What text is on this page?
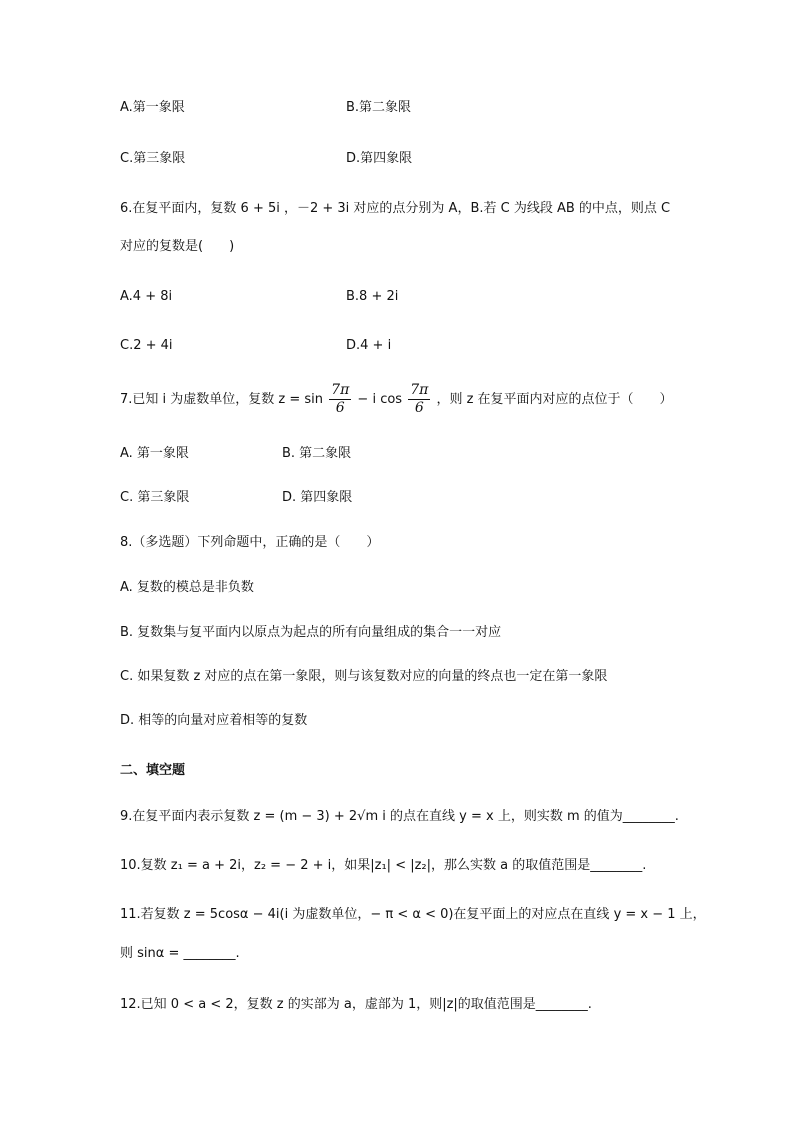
A.第一象限	B.第二象限
C.第三象限	D.第四象限
6.在复平面内，复数 6 + 5i ，－2 + 3i 对应的点分别为 A，B.若 C 为线段 AB 的中点，则点 C
对应的复数是(　　)
A.4 + 8i	B.8 + 2i
C.2 + 4i	D.4 + i
7.已知 i 为虚数单位，复数 $z = \sin \frac{7\pi}{6} - i$ $\cos \frac{7\pi}{6}$ ，则 z 在复平面内对应的点位于（　　）
A. 第一象限	B. 第二象限
C. 第三象限	D. 第四象限
8.（多选题）下列命题中，正确的是（　　）
A. 复数的模总是非负数
B. 复数集与复平面内以原点为起点的所有向量组成的集合一一对应
C. 如果复数 z 对应的点在第一象限，则与该复数对应的向量的终点也一定在第一象限
D. 相等的向量对应着相等的复数
二、填空题
9.在复平面内表示复数 z = (m − 3) + 2√m i 的点在直线 y = x 上，则实数 m 的值为________.
10.复数 z₁ = a + 2i，z₂ = − 2 + i，如果|z₁| < |z₂|，那么实数 a 的取值范围是________.
11.若复数 z = 5cosα − 4i(i 为虚数单位，− π < α < 0)在复平面上的对应点在直线 y = x − 1 上，
则 sinα = ________.
12.已知 0 < a < 2，复数 z 的实部为 a，虚部为 1，则|z|的取值范围是________.
